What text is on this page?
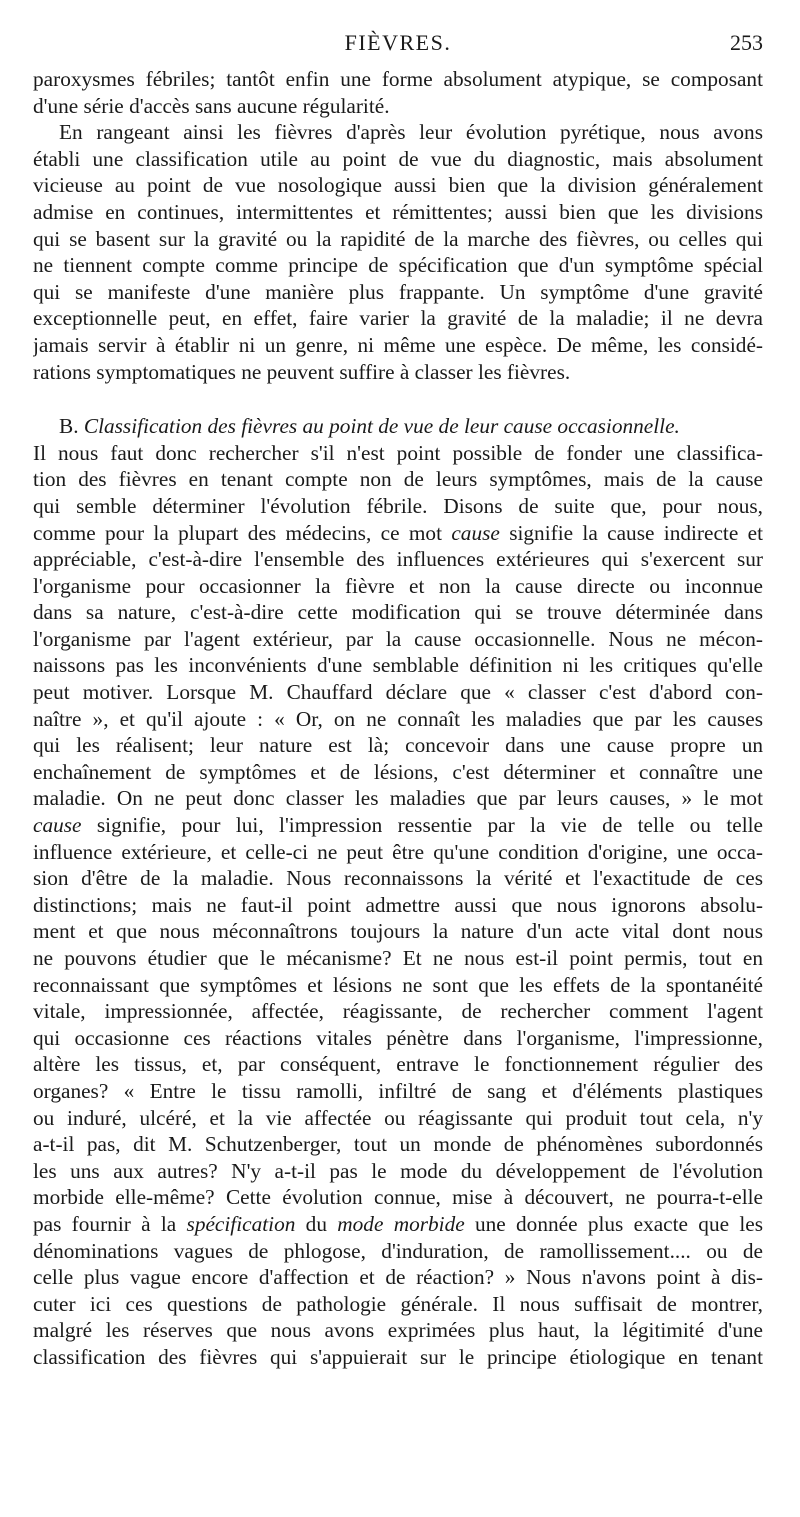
FIÈVRES.	253
paroxysmes fébriles; tantôt enfin une forme absolument atypique, se composant
d'une série d'accès sans aucune régularité.
En rangeant ainsi les fièvres d'après leur évolution pyrétique, nous avons
établi une classification utile au point de vue du diagnostic, mais absolument
vicieuse au point de vue nosologique aussi bien que la division généralement
admise en continues, intermittentes et rémittentes; aussi bien que les divisions
qui se basent sur la gravité ou la rapidité de la marche des fièvres, ou celles qui
ne tiennent compte comme principe de spécification que d'un symptôme spécial
qui se manifeste d'une manière plus frappante. Un symptôme d'une gravité
exceptionnelle peut, en effet, faire varier la gravité de la maladie; il ne devra
jamais servir à établir ni un genre, ni même une espèce. De même, les considé-
rations symptomatiques ne peuvent suffire à classer les fièvres.
B. Classification des fièvres au point de vue de leur cause occasionnelle.
Il nous faut donc rechercher s'il n'est point possible de fonder une classifica-
tion des fièvres en tenant compte non de leurs symptômes, mais de la cause
qui semble déterminer l'évolution fébrile. Disons de suite que, pour nous,
comme pour la plupart des médecins, ce mot cause signifie la cause indirecte et
appréciable, c'est-à-dire l'ensemble des influences extérieures qui s'exercent sur
l'organisme pour occasionner la fièvre et non la cause directe ou inconnue
dans sa nature, c'est-à-dire cette modification qui se trouve déterminée dans
l'organisme par l'agent extérieur, par la cause occasionnelle. Nous ne mécon-
naissons pas les inconvénients d'une semblable définition ni les critiques qu'elle
peut motiver. Lorsque M. Chauffard déclare que « classer c'est d'abord con-
naître », et qu'il ajoute : « Or, on ne connaît les maladies que par les causes
qui les réalisent; leur nature est là; concevoir dans une cause propre un
enchaînement de symptômes et de lésions, c'est déterminer et connaître une
maladie. On ne peut donc classer les maladies que par leurs causes, » le mot
cause signifie, pour lui, l'impression ressentie par la vie de telle ou telle
influence extérieure, et celle-ci ne peut être qu'une condition d'origine, une occa-
sion d'être de la maladie. Nous reconnaissons la vérité et l'exactitude de ces
distinctions; mais ne faut-il point admettre aussi que nous ignorons absolu-
ment et que nous méconnaîtrons toujours la nature d'un acte vital dont nous
ne pouvons étudier que le mécanisme? Et ne nous est-il point permis, tout en
reconnaissant que symptômes et lésions ne sont que les effets de la spontanéité
vitale, impressionnée, affectée, réagissante, de rechercher comment l'agent
qui occasionne ces réactions vitales pénètre dans l'organisme, l'impressionne,
altère les tissus, et, par conséquent, entrave le fonctionnement régulier des
organes? « Entre le tissu ramolli, infiltré de sang et d'éléments plastiques
ou induré, ulcéré, et la vie affectée ou réagissante qui produit tout cela, n'y
a-t-il pas, dit M. Schutzenberger, tout un monde de phénomènes subordonnés
les uns aux autres? N'y a-t-il pas le mode du développement de l'évolution
morbide elle-même? Cette évolution connue, mise à découvert, ne pourra-t-elle
pas fournir à la spécification du mode morbide une donnée plus exacte que les
dénominations vagues de phlogose, d'induration, de ramollissement.... ou de
celle plus vague encore d'affection et de réaction? » Nous n'avons point à dis-
cuter ici ces questions de pathologie générale. Il nous suffisait de montrer,
malgré les réserves que nous avons exprimées plus haut, la légitimité d'une
classification des fièvres qui s'appuierait sur le principe étiologique en tenant
